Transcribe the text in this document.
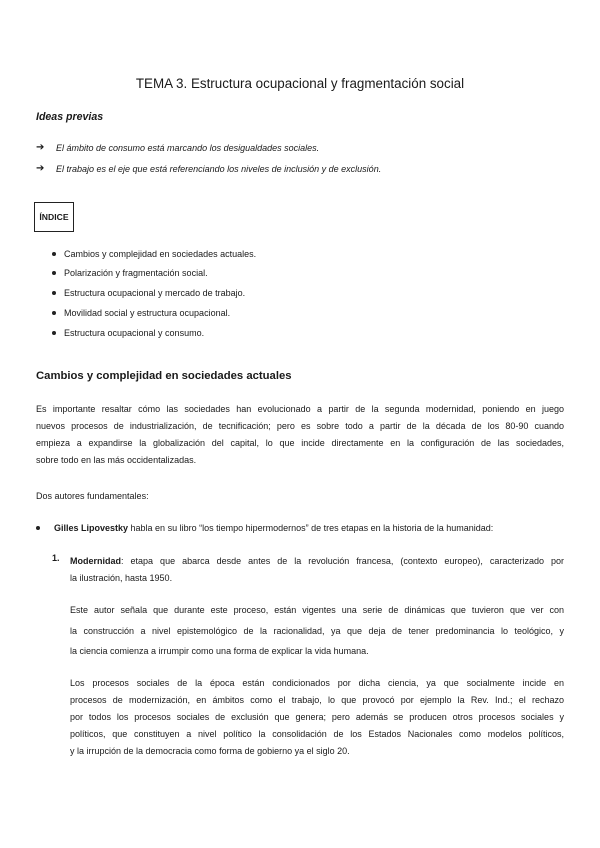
TEMA 3. Estructura ocupacional y fragmentación social
Ideas previas
➔	El ámbito de consumo está marcando los desigualdades sociales.
➔	El trabajo es el eje que está referenciando los niveles de inclusión y de exclusión.
ÍNDICE
Cambios y complejidad en sociedades actuales.
Polarización y fragmentación social.
Estructura ocupacional y mercado de trabajo.
Movilidad social y estructura ocupacional.
Estructura ocupacional y consumo.
Cambios y complejidad en sociedades actuales
Es importante resaltar cómo las sociedades han evolucionado a partir de la segunda modernidad, poniendo en juego
nuevos procesos de industrialización, de tecnificación; pero es sobre todo a partir de la década de los 80-90 cuando
empieza a expandirse la globalización del capital, lo que incide directamente en la configuración de las sociedades,
sobre todo en las más occidentalizadas.
Dos autores fundamentales:
Gilles Lipovestky habla en su libro “los tiempo hipermodernos” de tres etapas en la historia de la humanidad:
1.	Modernidad: etapa que abarca desde antes de la revolución francesa, (contexto europeo), caracterizado por
la ilustración, hasta 1950.
Este autor señala que durante este proceso, están vigentes una serie de dinámicas que tuvieron que ver con
la construcción a nivel epistemológico de la racionalidad, ya que deja de tener predominancia lo teológico, y
la ciencia comienza a irrumpir como una forma de explicar la vida humana.
Los procesos sociales de la época están condicionados por dicha ciencia, ya que socialmente incide en
procesos de modernización, en ámbitos como el trabajo, lo que provocó por ejemplo la Rev. Ind.; el rechazo
por todos los procesos sociales de exclusión que genera; pero además se producen otros procesos sociales y
políticos, que constituyen a nivel político la consolidación de los Estados Nacionales como modelos políticos,
y la irrupción de la democracia como forma de gobierno ya el siglo 20.
